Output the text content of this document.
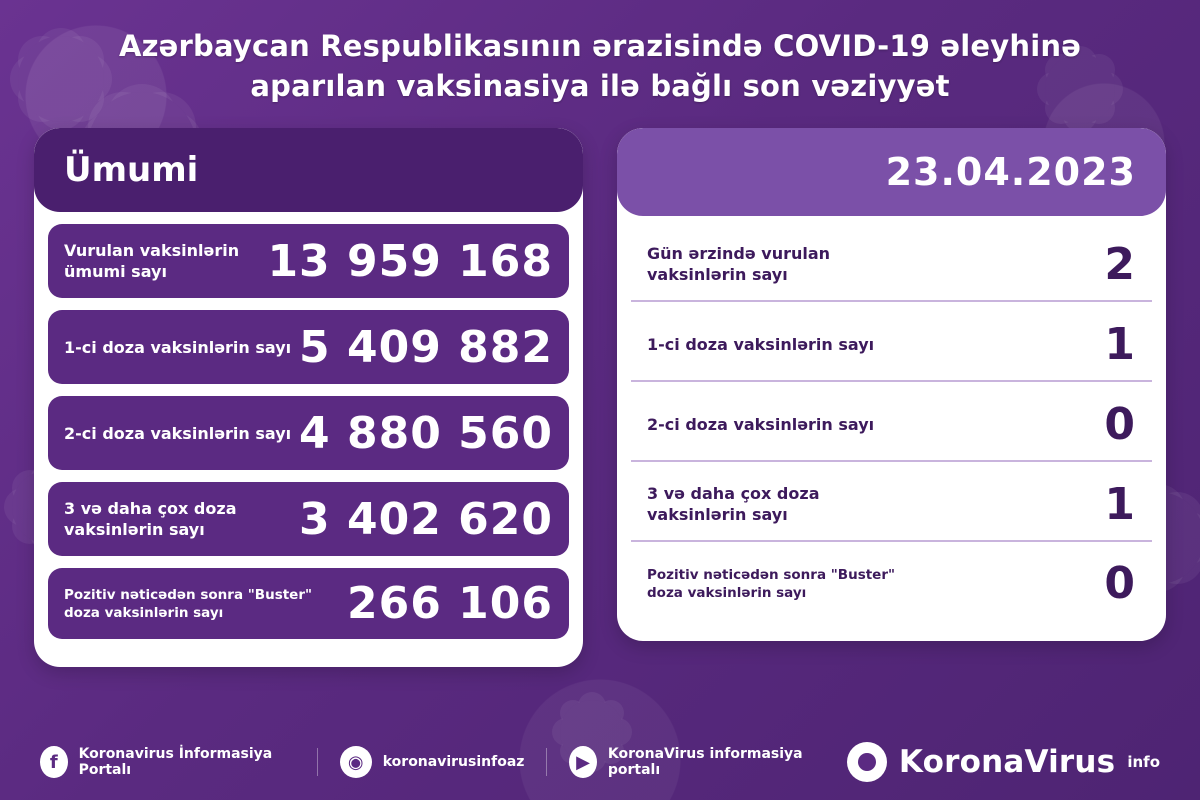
Azərbaycan Respublikasının ərazisində COVID-19 əleyhinə aparılan vaksinasiya ilə bağlı son vəziyyət
Ümumi
Vurulan vaksinlərin ümumi sayı	13 959 168
1-ci doza vaksinlərin sayı 5 409 882
2-ci doza vaksinlərin sayı 4 880 560
3 və daha çox doza vaksinlərin sayı	3 402 620
Pozitiv nəticədən sonra "Buster" doza vaksinlərin sayı	266 106
23.04.2023
Gün ərzində vurulan vaksinlərin sayı	2
1-ci doza vaksinlərin sayı	1
2-ci doza vaksinlərin sayı	0
3 və daha çox doza vaksinlərin sayı	1
Pozitiv nəticədən sonra "Buster" doza vaksinlərin sayı	0
f	Koronavirus İnformasiya Portalı	◉	koronavirusinfoaz	▶	KoronaVirus informasiya portalı	KoronaVirus info
